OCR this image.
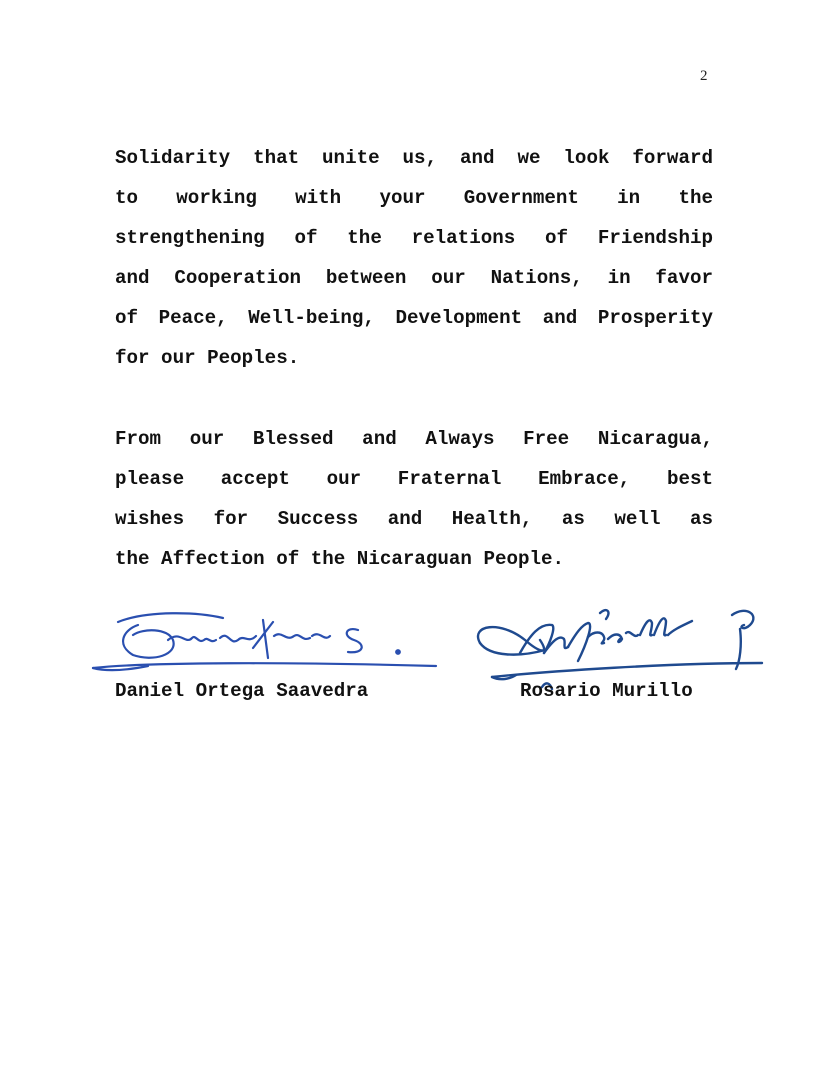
2

Solidarity that unite us, and we look forward
to working with your Government in the
strengthening of the relations of Friendship
and Cooperation between our Nations, in favor
of Peace, Well-being, Development and Prosperity
for our Peoples.

From our Blessed and Always Free Nicaragua,
please accept our Fraternal Embrace, best
wishes for Success and Health, as well as
the Affection of the Nicaraguan People.

Daniel Ortega Saavedra	Rosario Murillo
